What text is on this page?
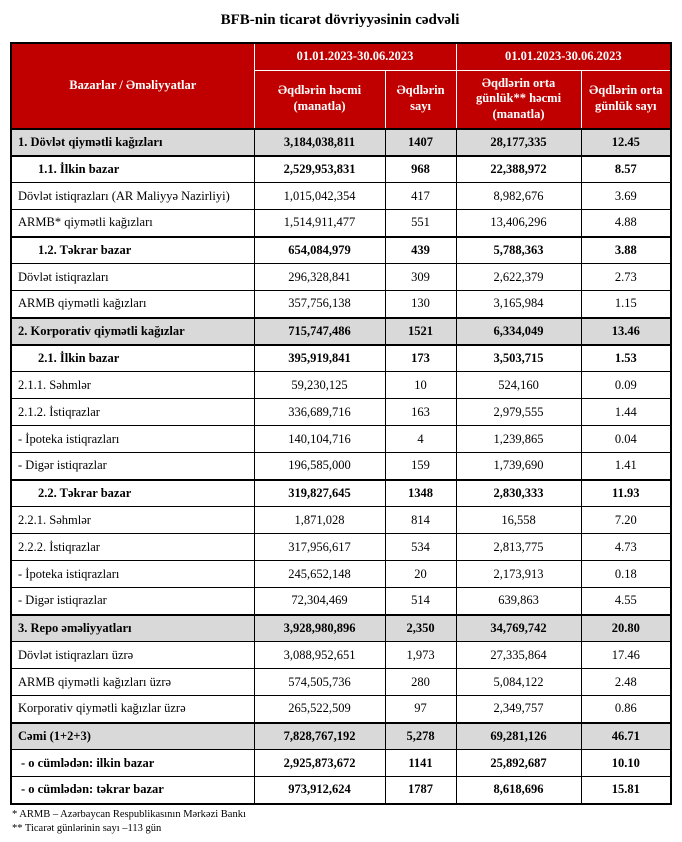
BFB-nin ticarət dövriyyəsinin cədvəli
Bazarlar / Əməliyyatlar	01.01.2023-30.06.2023		01.01.2023-30.06.2023	
	Əqdlərin həcmi (manatla)	Əqdlərin sayı	Əqdlərin orta günlük** həcmi (manatla)	Əqdlərin orta günlük sayı
1. Dövlət qiymətli kağızları	3,184,038,811	1407	28,177,335	12.45
1.1. İlkin bazar	2,529,953,831	968	22,388,972	8.57
Dövlət istiqrazları (AR Maliyyə Nazirliyi)	1,015,042,354	417	8,982,676	3.69
ARMB* qiymətli kağızları	1,514,911,477	551	13,406,296	4.88
1.2. Təkrar bazar	654,084,979	439	5,788,363	3.88
Dövlət istiqrazları	296,328,841	309	2,622,379	2.73
ARMB qiymətli kağızları	357,756,138	130	3,165,984	1.15
2. Korporativ qiymətli kağızlar	715,747,486	1521	6,334,049	13.46
2.1. İlkin bazar	395,919,841	173	3,503,715	1.53
2.1.1. Səhmlər	59,230,125	10	524,160	0.09
2.1.2. İstiqrazlar	336,689,716	163	2,979,555	1.44
- İpoteka istiqrazları	140,104,716	4	1,239,865	0.04
- Digər istiqrazlar	196,585,000	159	1,739,690	1.41
2.2. Təkrar bazar	319,827,645	1348	2,830,333	11.93
2.2.1. Səhmlər	1,871,028	814	16,558	7.20
2.2.2. İstiqrazlar	317,956,617	534	2,813,775	4.73
- İpoteka istiqrazları	245,652,148	20	2,173,913	0.18
- Digər istiqrazlar	72,304,469	514	639,863	4.55
3. Repo əməliyyatları	3,928,980,896	2,350	34,769,742	20.80
Dövlət istiqrazları üzrə	3,088,952,651	1,973	27,335,864	17.46
ARMB qiymətli kağızları üzrə	574,505,736	280	5,084,122	2.48
Korporativ qiymətli kağızlar üzrə	265,522,509	97	2,349,757	0.86
Cəmi (1+2+3)	7,828,767,192	5,278	69,281,126	46.71
- o cümlədən: ilkin bazar	2,925,873,672	1141	25,892,687	10.10
- o cümlədən: təkrar bazar	973,912,624	1787	8,618,696	15.81
* ARMB – Azərbaycan Respublikasının Mərkəzi Bankı
** Ticarət günlərinin sayı –113 gün
